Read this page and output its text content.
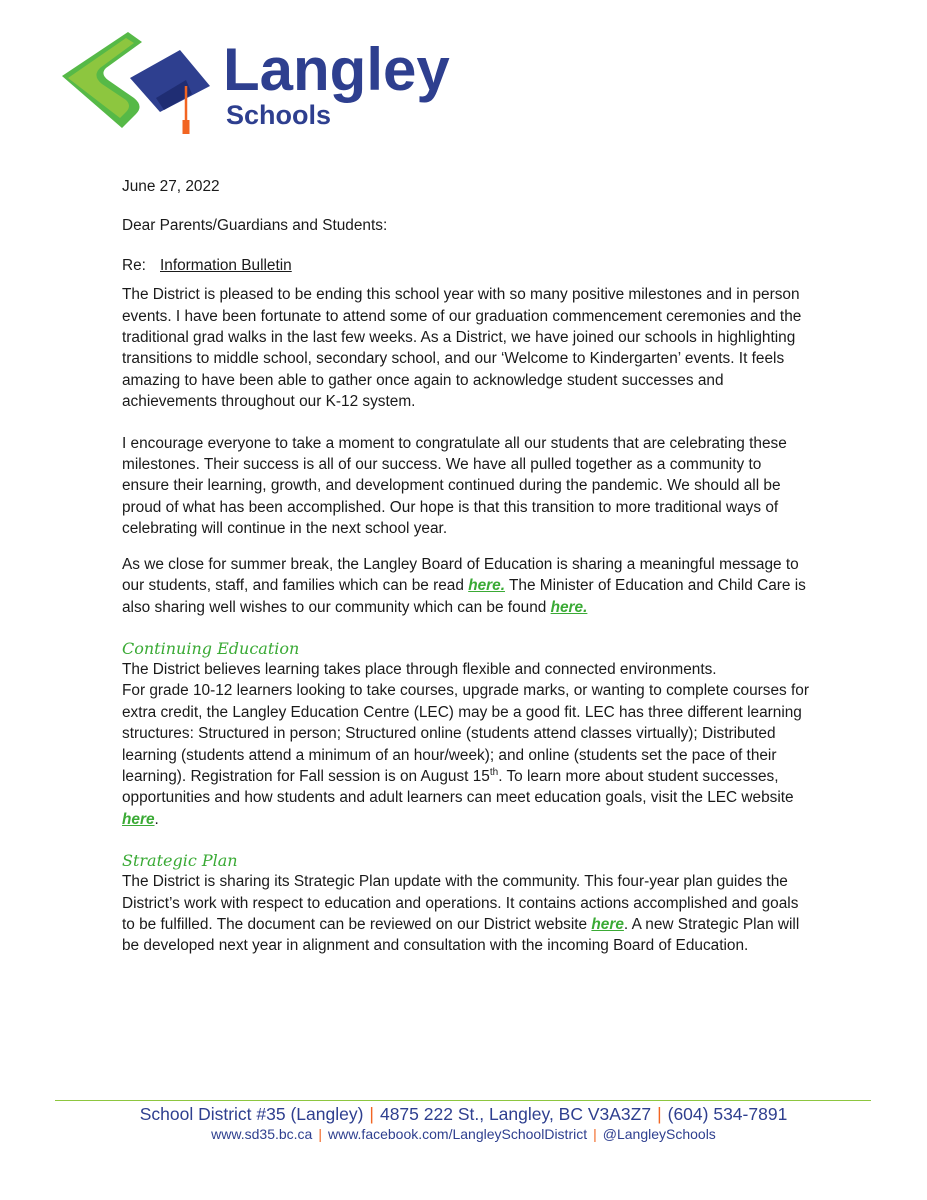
Langley
Schools

June 27, 2022

Dear Parents/Guardians and Students:

Re: Information Bulletin

The District is pleased to be ending this school year with so many positive milestones and in person events. I have been fortunate to attend some of our graduation commencement ceremonies and the traditional grad walks in the last few weeks. As a District, we have joined our schools in highlighting transitions to middle school, secondary school, and our ‘Welcome to Kindergarten’ events. It feels amazing to have been able to gather once again to acknowledge student successes and achievements throughout our K-12 system.

I encourage everyone to take a moment to congratulate all our students that are celebrating these milestones. Their success is all of our success. We have all pulled together as a community to ensure their learning, growth, and development continued during the pandemic. We should all be proud of what has been accomplished. Our hope is that this transition to more traditional ways of celebrating will continue in the next school year.

As we close for summer break, the Langley Board of Education is sharing a meaningful message to our students, staff, and families which can be read here. The Minister of Education and Child Care is also sharing well wishes to our community which can be found here.

Continuing Education

The District believes learning takes place through flexible and connected environments.

For grade 10-12 learners looking to take courses, upgrade marks, or wanting to complete courses for extra credit, the Langley Education Centre (LEC) may be a good fit. LEC has three different learning structures: Structured in person; Structured online (students attend classes virtually); Distributed learning (students attend a minimum of an hour/week); and online (students set the pace of their learning). Registration for Fall session is on August 15th. To learn more about student successes, opportunities and how students and adult learners can meet education goals, visit the LEC website here.

Strategic Plan

The District is sharing its Strategic Plan update with the community. This four-year plan guides the District’s work with respect to education and operations. It contains actions accomplished and goals to be fulfilled. The document can be reviewed on our District website here. A new Strategic Plan will be developed next year in alignment and consultation with the incoming Board of Education.

School District #35 (Langley) | 4875 222 St., Langley, BC V3A3Z7 | (604) 534-7891
www.sd35.bc.ca | www.facebook.com/LangleySchoolDistrict | @LangleySchools
